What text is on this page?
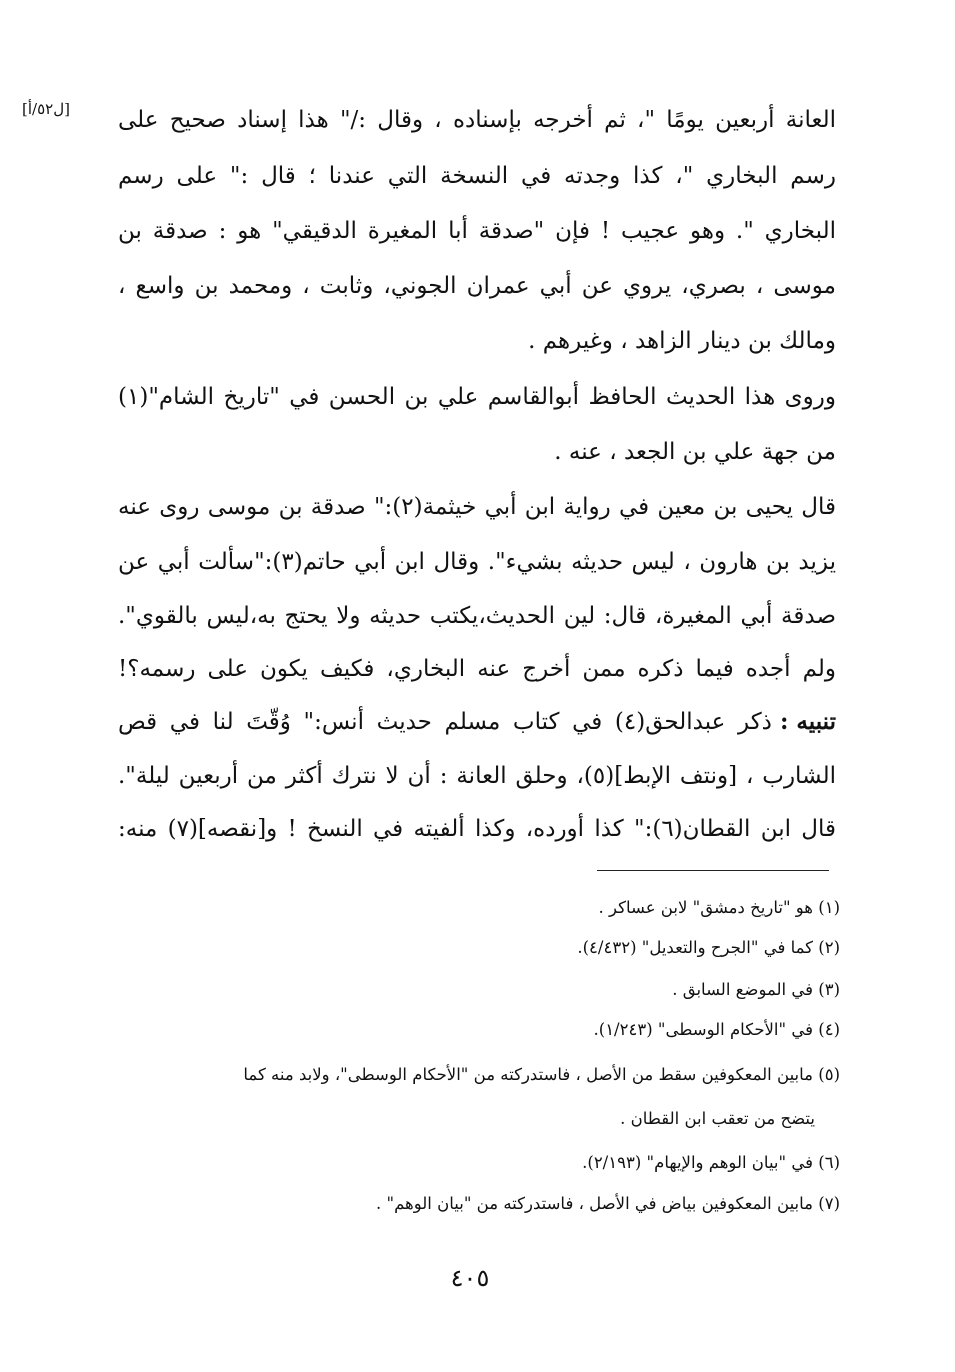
[ل٥٢/أ] العانة أربعين يومًا "، ثم أخرجه بإسناده ، وقال :/" هذا إسناد صحيح على
رسم البخاري "، كذا وجدته في النسخة التي عندنا ؛ قال :" على رسم
البخاري ". وهو عجيب ! فإن "صدقة أبا المغيرة الدقيقي" هو : صدقة بن
موسى ، بصري، يروي عن أبي عمران الجوني، وثابت ، ومحمد بن واسع ،
ومالك بن دينار الزاهد ، وغيرهم .
وروى هذا الحديث الحافظ أبوالقاسم علي بن الحسن في "تاريخ الشام"(١)
من جهة علي بن الجعد ، عنه .
قال يحيى بن معين في رواية ابن أبي خيثمة(٢):" صدقة بن موسى روى عنه
يزيد بن هارون ، ليس حديثه بشيء". وقال ابن أبي حاتم(٣):"سألت أبي عن
صدقة أبي المغيرة، قال: لين الحديث،يكتب حديثه ولا يحتج به،ليس بالقوي".
ولم أجده فيما ذكره ممن أخرج عنه البخاري، فكيف يكون على رسمه؟!
تنبيه :
ذكر عبدالحق(٤) في كتاب مسلم حديث أنس:" وُقّتَ لنا في قص
الشارب ، [ونتف الإبط](٥)، وحلق العانة : أن لا نترك أكثر من أربعين ليلة".
قال ابن القطان(٦):" كذا أورده، وكذا ألفيته في النسخ ! و[نقصه](٧) منه:
(١) هو "تاريخ دمشق" لابن عساكر .
(٢) كما في "الجرح والتعديل" (٤/٤٣٢).
(٣) في الموضع السابق .
(٤) في "الأحكام الوسطى" (١/٢٤٣).
(٥) مابين المعكوفين سقط من الأصل ، فاستدركته من "الأحكام الوسطى"، ولابد منه كما
يتضح من تعقب ابن القطان .
(٦) في "بيان الوهم والإيهام" (٢/١٩٣).
(٧) مابين المعكوفين بياض في الأصل ، فاستدركته من "بيان الوهم" .
٤٠٥
